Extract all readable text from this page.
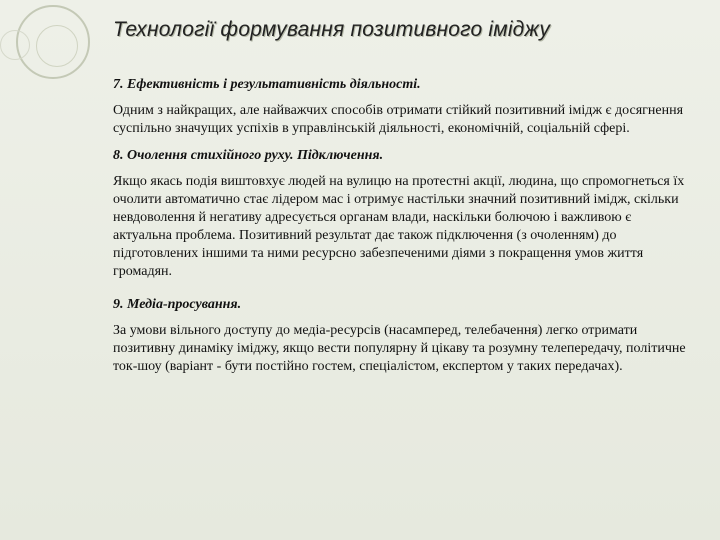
Технології формування позитивного іміджу
7. Ефективність і результативність діяльності.
Одним з найкращих, але найважчих способів отримати стійкий позитивний імідж є досягнення суспільно значущих успіхів в управлінській діяльності, економічній, соціальній сфері.
8. Очолення стихійного руху. Підключення.
Якщо якась подія виштовхує людей на вулицю на протестні акції, людина, що спромогнеться їх очолити автоматично стає лідером мас і отримує настільки значний позитивний імідж, скільки невдоволення й негативу адресується органам влади, наскільки болючою і важливою є актуальна проблема. Позитивний результат дає також підключення (з очоленням) до підготовлених іншими та ними ресурсно забезпеченими діями з покращення умов життя громадян.
9. Медіа-просування.
За умови вільного доступу до медіа-ресурсів (насамперед, телебачення) легко отримати позитивну динаміку іміджу, якщо вести популярну й цікаву та розумну телепередачу, політичне ток-шоу (варіант - бути постійно гостем, спеціалістом, експертом у таких передачах).
